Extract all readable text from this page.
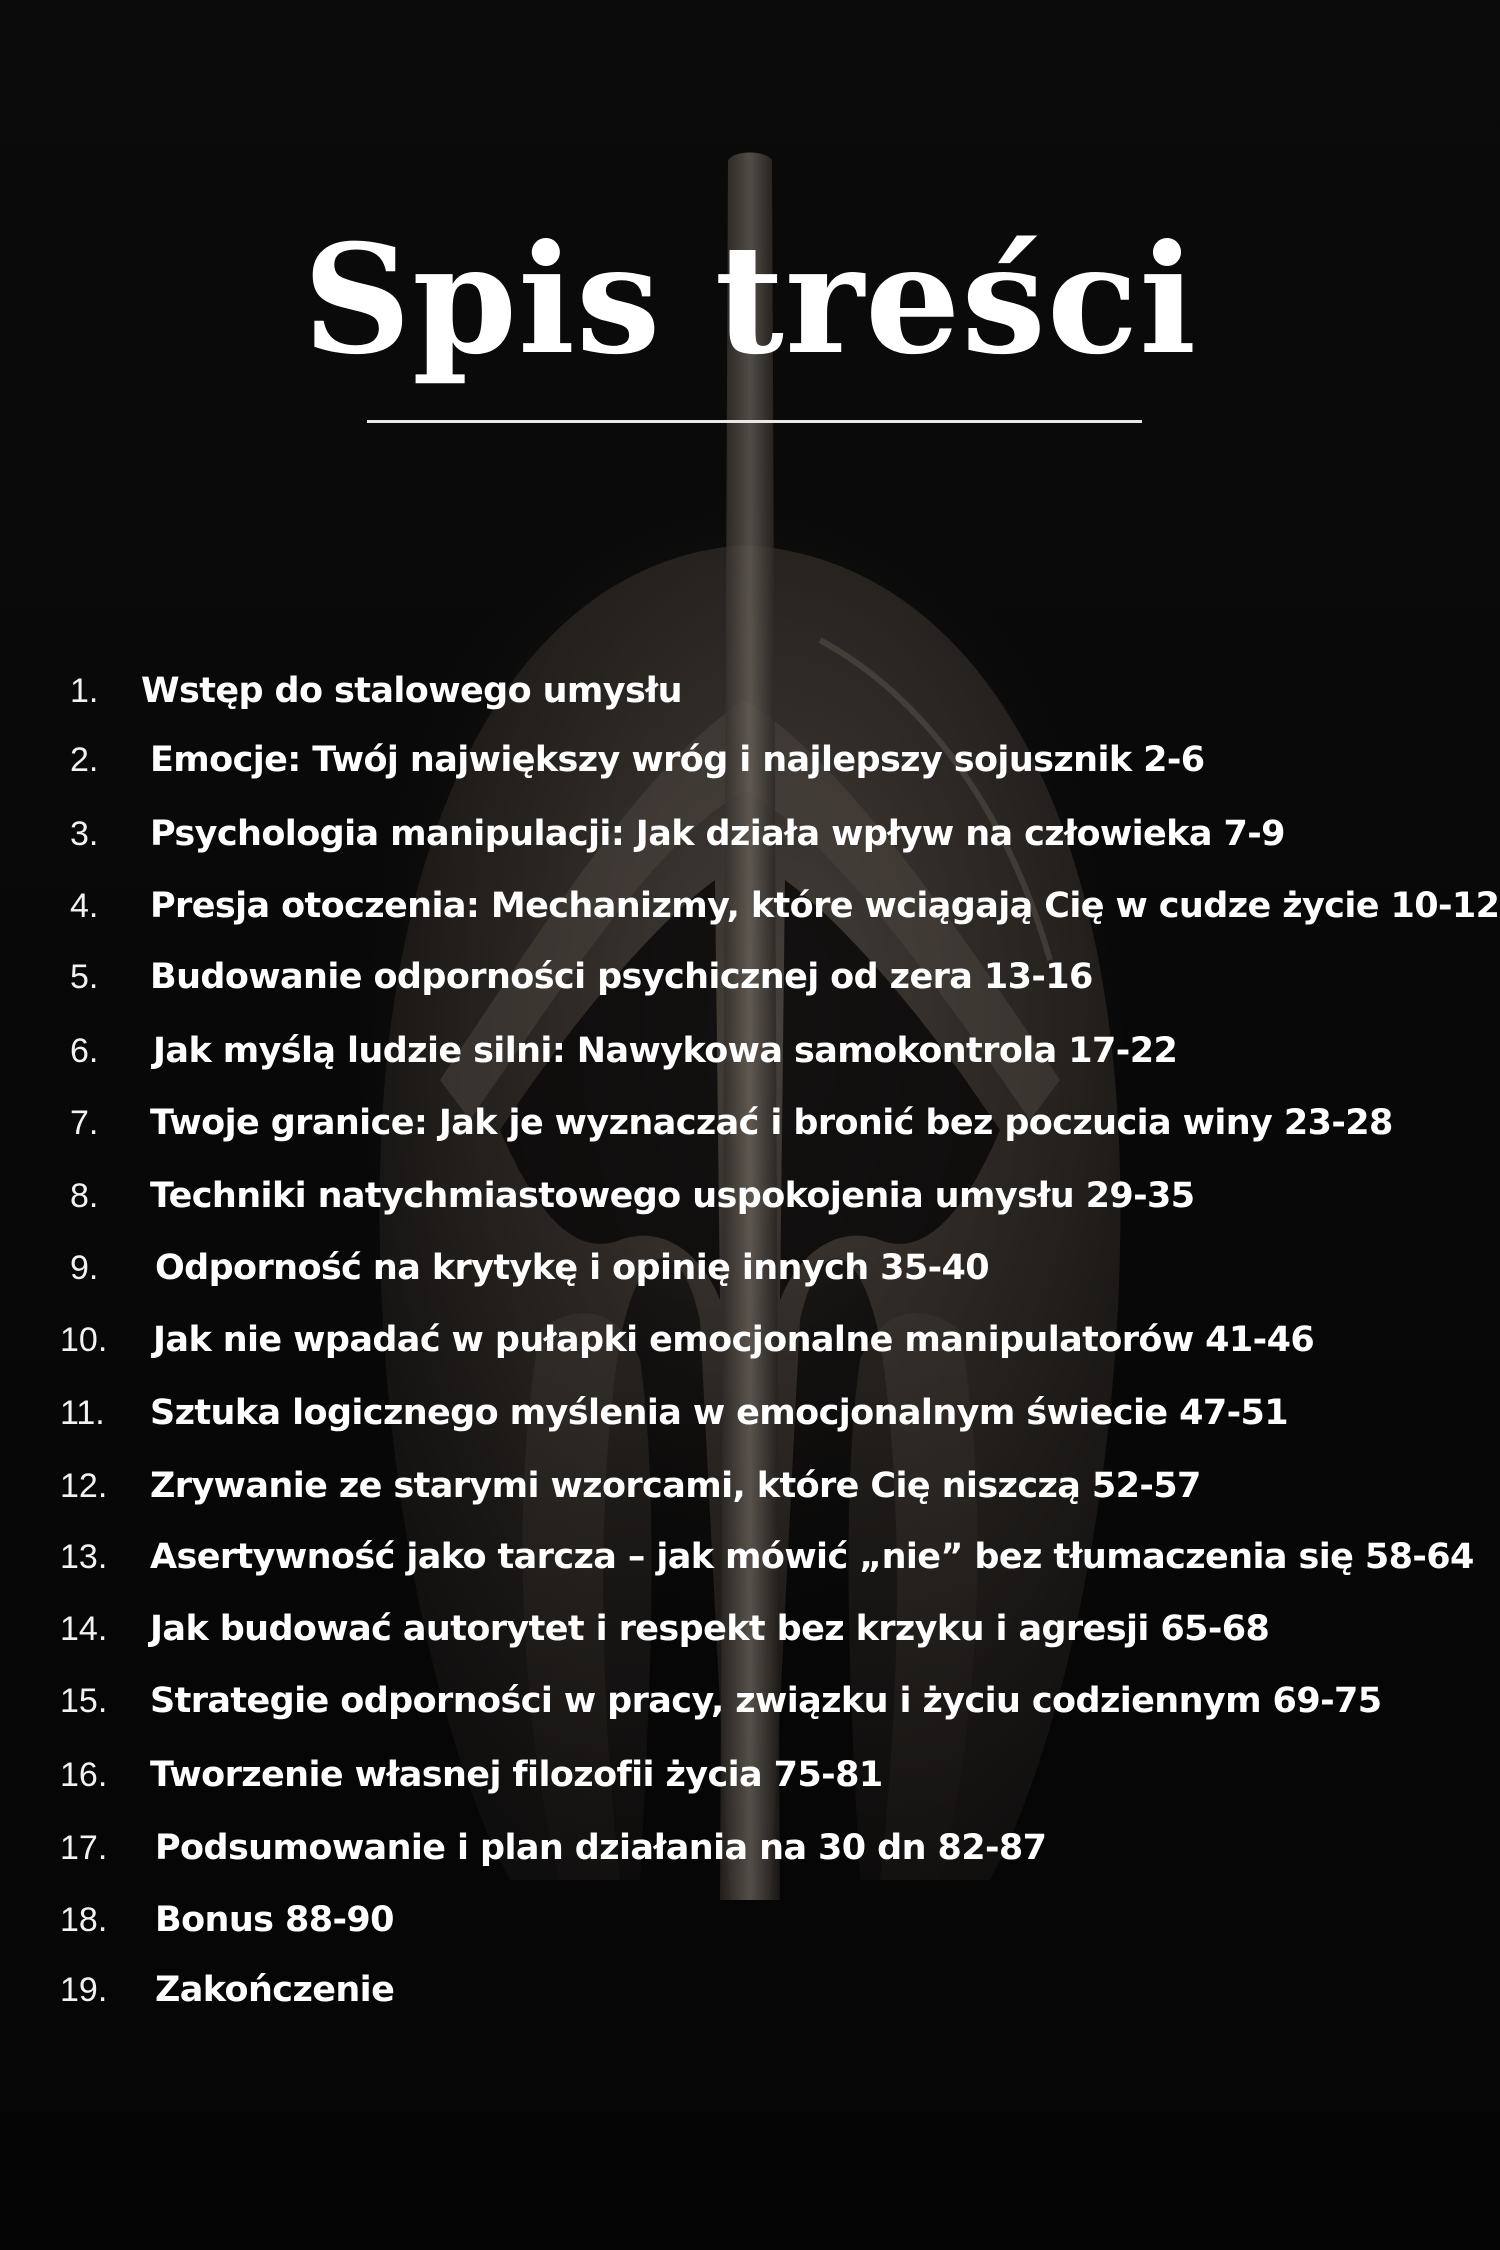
Spis treści
1. Wstęp do stalowego umysłu
2. Emocje: Twój największy wróg i najlepszy sojusznik 2-6
3. Psychologia manipulacji: Jak działa wpływ na człowieka 7-9
4. Presja otoczenia: Mechanizmy, które wciągają Cię w cudze życie 10-12
5. Budowanie odporności psychicznej od zera 13-16
6. Jak myślą ludzie silni: Nawykowa samokontrola 17-22
7. Twoje granice: Jak je wyznaczać i bronić bez poczucia winy 23-28
8. Techniki natychmiastowego uspokojenia umysłu 29-35
9. Odporność na krytykę i opinię innych 35-40
10. Jak nie wpadać w pułapki emocjonalne manipulatorów 41-46
11. Sztuka logicznego myślenia w emocjonalnym świecie 47-51
12. Zrywanie ze starymi wzorcami, które Cię niszczą 52-57
13. Asertywność jako tarcza – jak mówić „nie” bez tłumaczenia się 58-64
14. Jak budować autorytet i respekt bez krzyku i agresji 65-68
15. Strategie odporności w pracy, związku i życiu codziennym 69-75
16. Tworzenie własnej filozofii życia 75-81
17. Podsumowanie i plan działania na 30 dn 82-87
18. Bonus 88-90
19. Zakończenie
